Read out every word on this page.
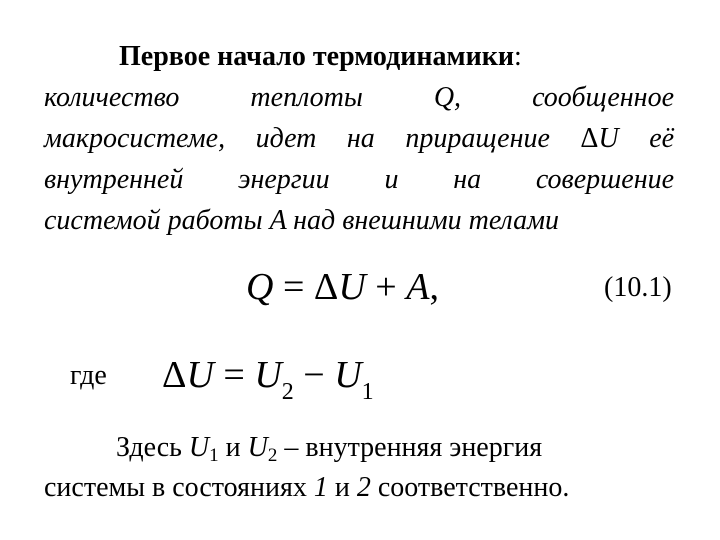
Первое начало термодинамики:
количество	теплоты	Q,	сообщенное
макросистеме, идет на приращение ΔU её
внутренней энергии и на совершение
системой работы A над внешними телами
Q = ΔU + A,	(10.1)
где $\Delta U = U_2 - U_1$
Здесь $U_1$ и $U_2$ – внутренняя энергия
системы в состояниях 1 и 2 соответственно.
